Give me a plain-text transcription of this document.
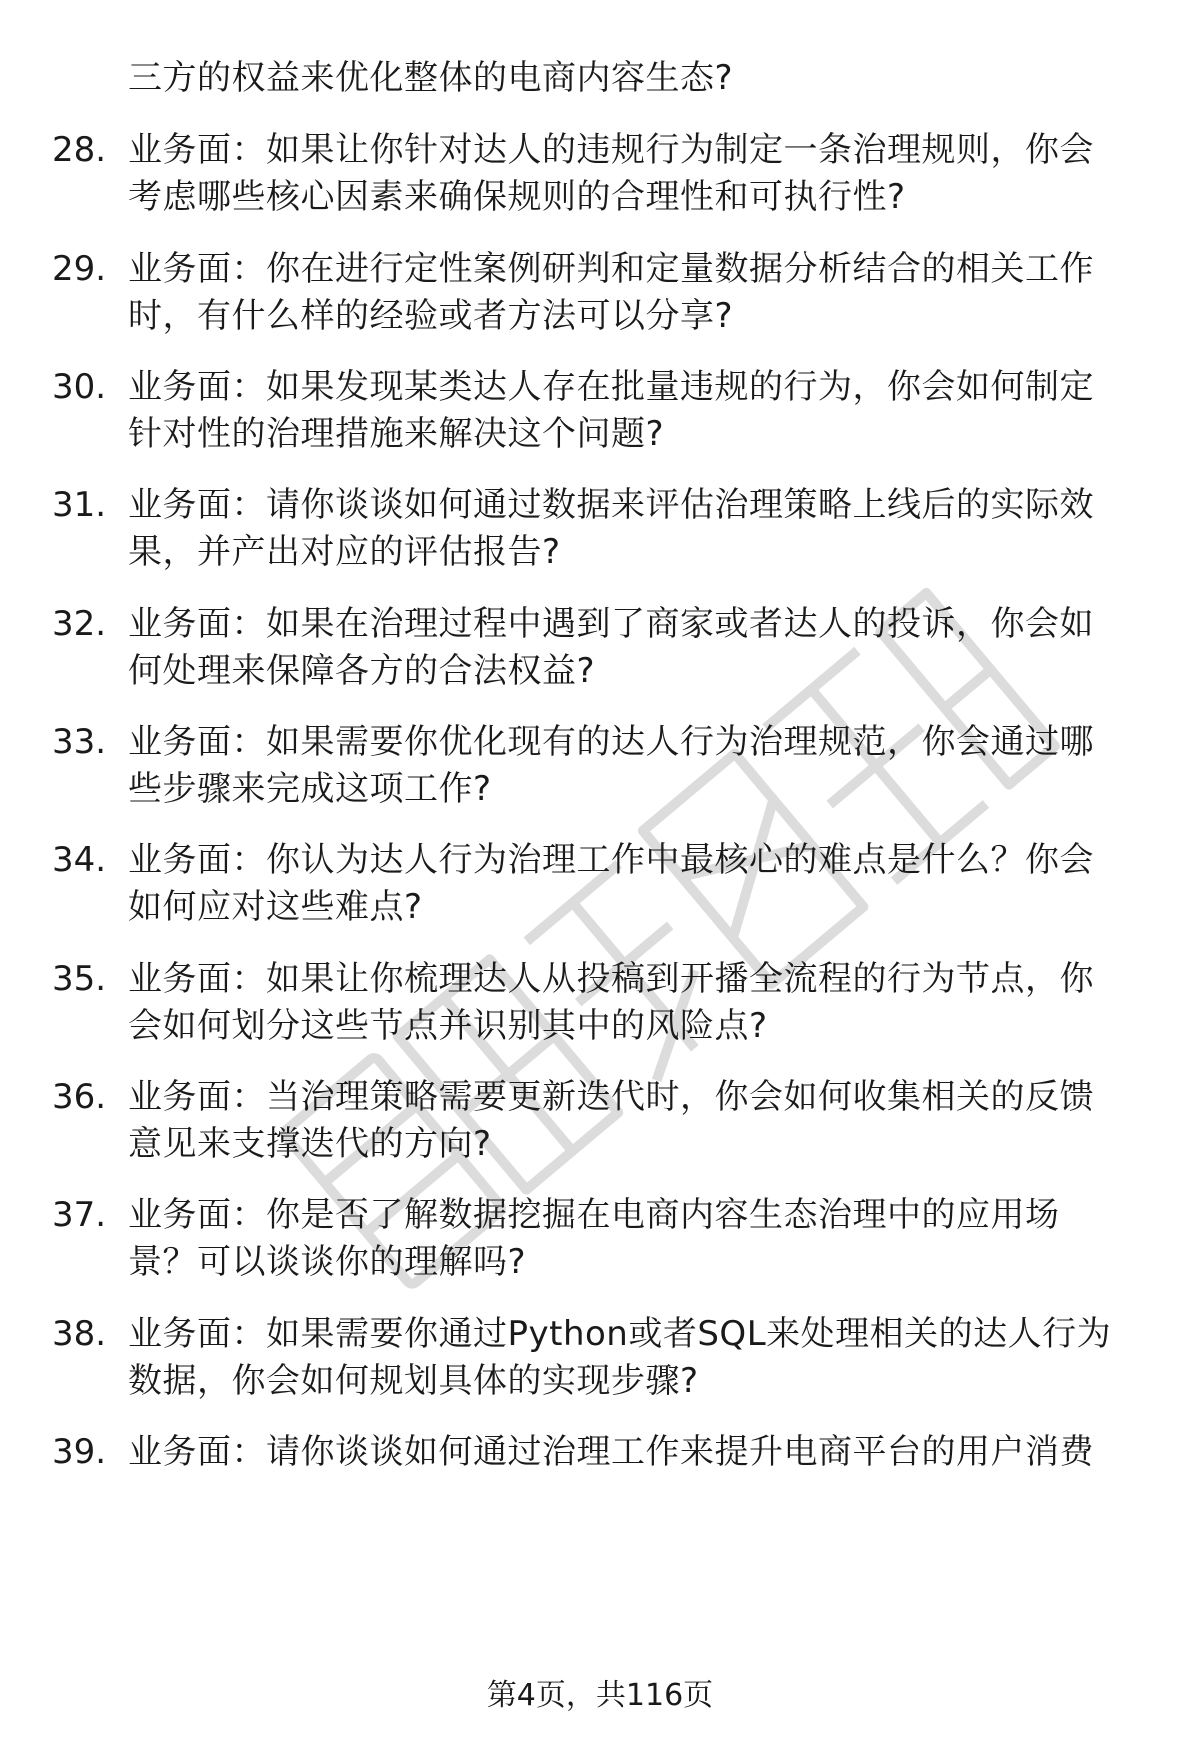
三方的权益来优化整体的电商内容生态?
28. 业务面：如果让你针对达人的违规行为制定一条治理规则，你会
考虑哪些核心因素来确保规则的合理性和可执行性?
29. 业务面：你在进行定性案例研判和定量数据分析结合的相关工作
时，有什么样的经验或者方法可以分享?
30. 业务面：如果发现某类达人存在批量违规的行为，你会如何制定
针对性的治理措施来解决这个问题?
31. 业务面：请你谈谈如何通过数据来评估治理策略上线后的实际效
果，并产出对应的评估报告?
32. 业务面：如果在治理过程中遇到了商家或者达人的投诉，你会如
何处理来保障各方的合法权益?
33. 业务面：如果需要你优化现有的达人行为治理规范，你会通过哪
些步骤来完成这项工作?
34. 业务面：你认为达人行为治理工作中最核心的难点是什么？你会
如何应对这些难点?
35. 业务面：如果让你梳理达人从投稿到开播全流程的行为节点，你
会如何划分这些节点并识别其中的风险点?
36. 业务面：当治理策略需要更新迭代时，你会如何收集相关的反馈
意见来支撑迭代的方向?
37. 业务面：你是否了解数据挖掘在电商内容生态治理中的应用场
景？可以谈谈你的理解吗?
38. 业务面：如果需要你通过Python或者SQL来处理相关的达人行为
数据，你会如何规划具体的实现步骤?
39. 业务面：请你谈谈如何通过治理工作来提升电商平台的用户消费
第4页，共116页
